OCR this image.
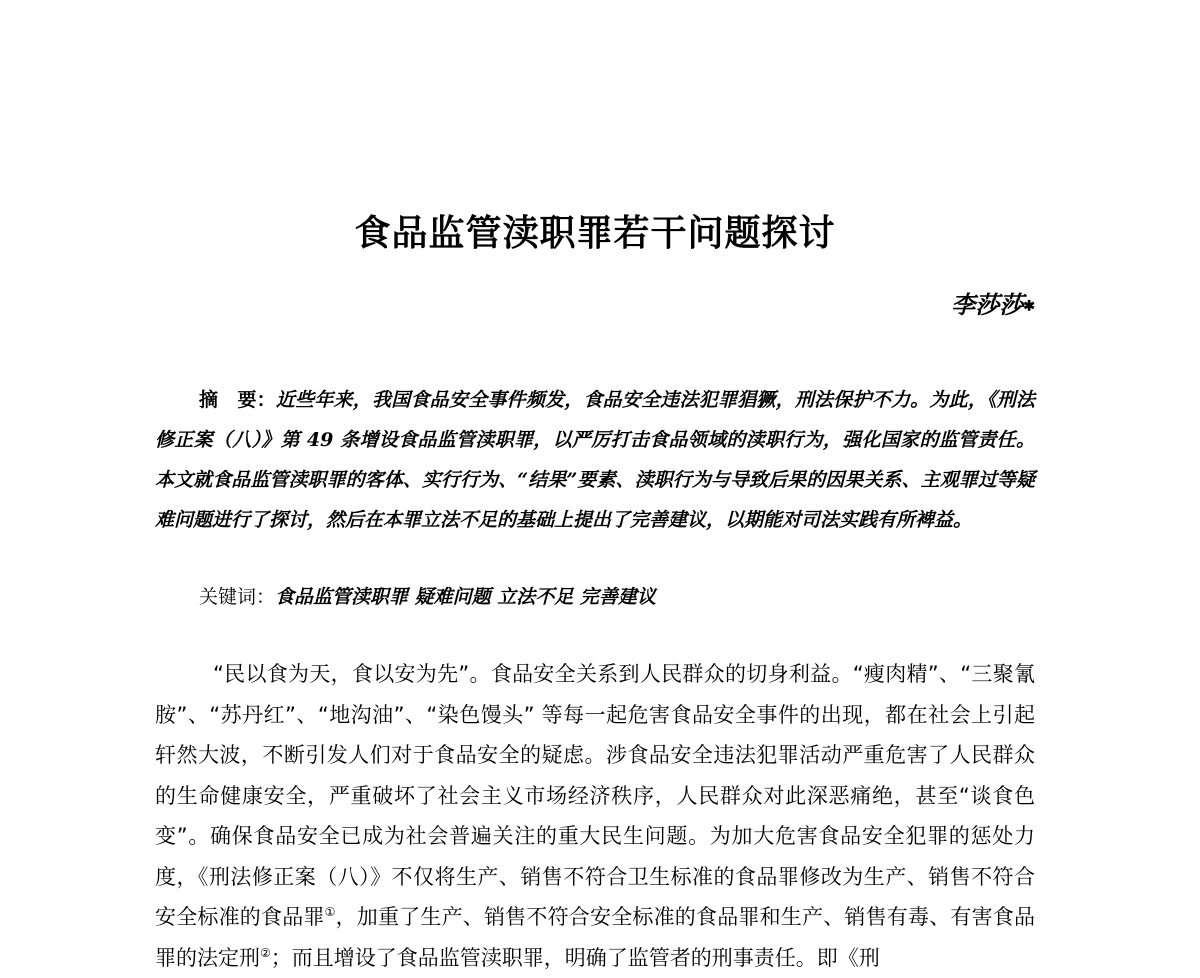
食品监管渎职罪若干问题探讨
李莎莎✱

摘　要：近些年来，我国食品安全事件频发，食品安全违法犯罪猖獗，刑法保护不力。为此，《刑法修正案（八）》第 49 条增设食品监管渎职罪，以严厉打击食品领域的渎职行为，强化国家的监管责任。本文就食品监管渎职罪的客体、实行行为、“结果”要素、渎职行为与导致后果的因果关系、主观罪过等疑难问题进行了探讨，然后在本罪立法不足的基础上提出了完善建议，以期能对司法实践有所裨益。

关键词：食品监管渎职罪 疑难问题 立法不足 完善建议

“民以食为天，食以安为先”。食品安全关系到人民群众的切身利益。“瘦肉精”、“三聚氰胺”、“苏丹红”、“地沟油”、“染色馒头” 等每一起危害食品安全事件的出现，都在社会上引起轩然大波，不断引发人们对于食品安全的疑虑。涉食品安全违法犯罪活动严重危害了人民群众的生命健康安全，严重破坏了社会主义市场经济秩序，人民群众对此深恶痛绝，甚至“谈食色变”。确保食品安全已成为社会普遍关注的重大民生问题。为加大危害食品安全犯罪的惩处力度，《刑法修正案（八）》不仅将生产、销售不符合卫生标准的食品罪修改为生产、销售不符合安全标准的食品罪①，加重了生产、销售不符合安全标准的食品罪和生产、销售有毒、有害食品罪的法定刑②；而且增设了食品监管渎职罪，明确了监管者的刑事责任。即《刑
